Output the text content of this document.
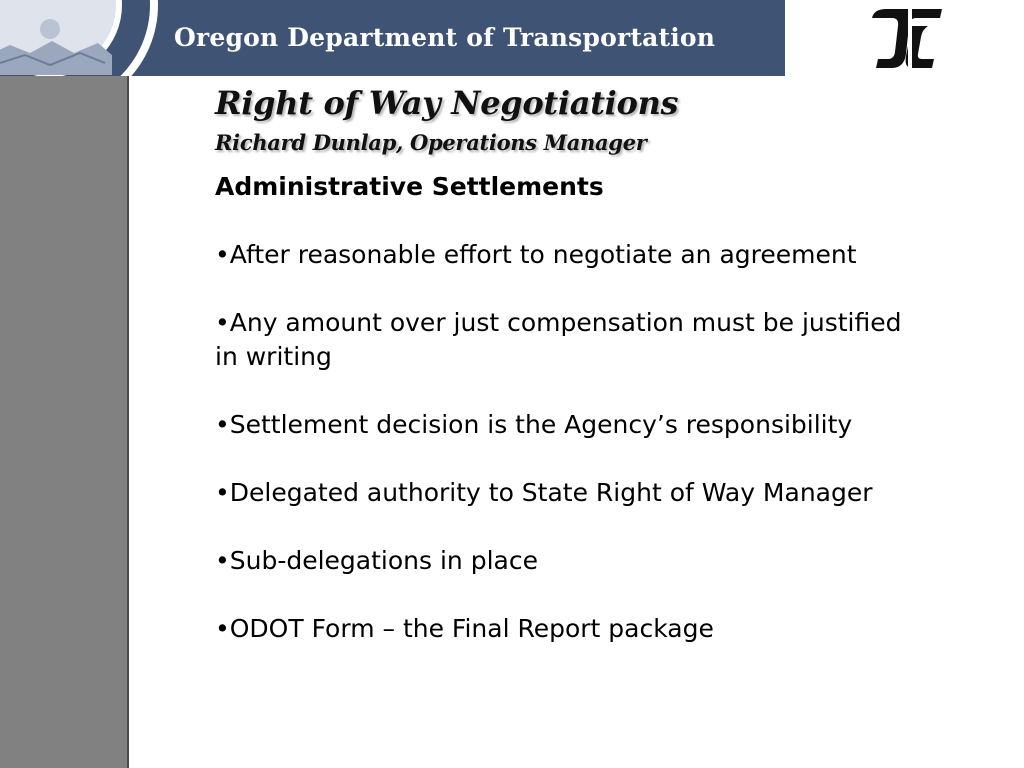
Oregon Department of Transportation
Right of Way Negotiations
Richard Dunlap, Operations Manager
Administrative Settlements
•After reasonable effort to negotiate an agreement
•Any amount over just compensation must be justified in writing
•Settlement decision is the Agency’s responsibility
•Delegated authority to State Right of Way Manager
•Sub-delegations in place
•ODOT Form – the Final Report package
